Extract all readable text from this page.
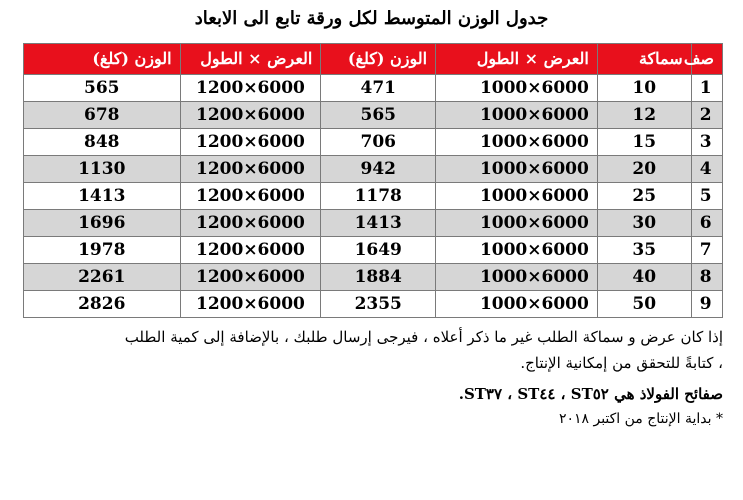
جدول الوزن المتوسط لكل ورقة تابع الى الابعاد
صف	سماكة	العرض × الطول	الوزن (كلغ)	العرض × الطول	الوزن (كلغ)
1	10	1000×6000	471	1200×6000	565
2	12	1000×6000	565	1200×6000	678
3	15	1000×6000	706	1200×6000	848
4	20	1000×6000	942	1200×6000	1130
5	25	1000×6000	1178	1200×6000	1413
6	30	1000×6000	1413	1200×6000	1696
7	35	1000×6000	1649	1200×6000	1978
8	40	1000×6000	1884	1200×6000	2261
9	50	1000×6000	2355	1200×6000	2826

إذا كان عرض و سماكة الطلب غير ما ذكر أعلاه ، فيرجى إرسال طلبك ، بالإضافة إلى كمية الطلب

، كتابةً للتحقق من إمكانية الإنتاج.

صفائح الفولاذ هي ST٥٢ ، ST٤٤ ، ST٣٧.

* بداية الإنتاج من اكتبر ٢٠١٨
